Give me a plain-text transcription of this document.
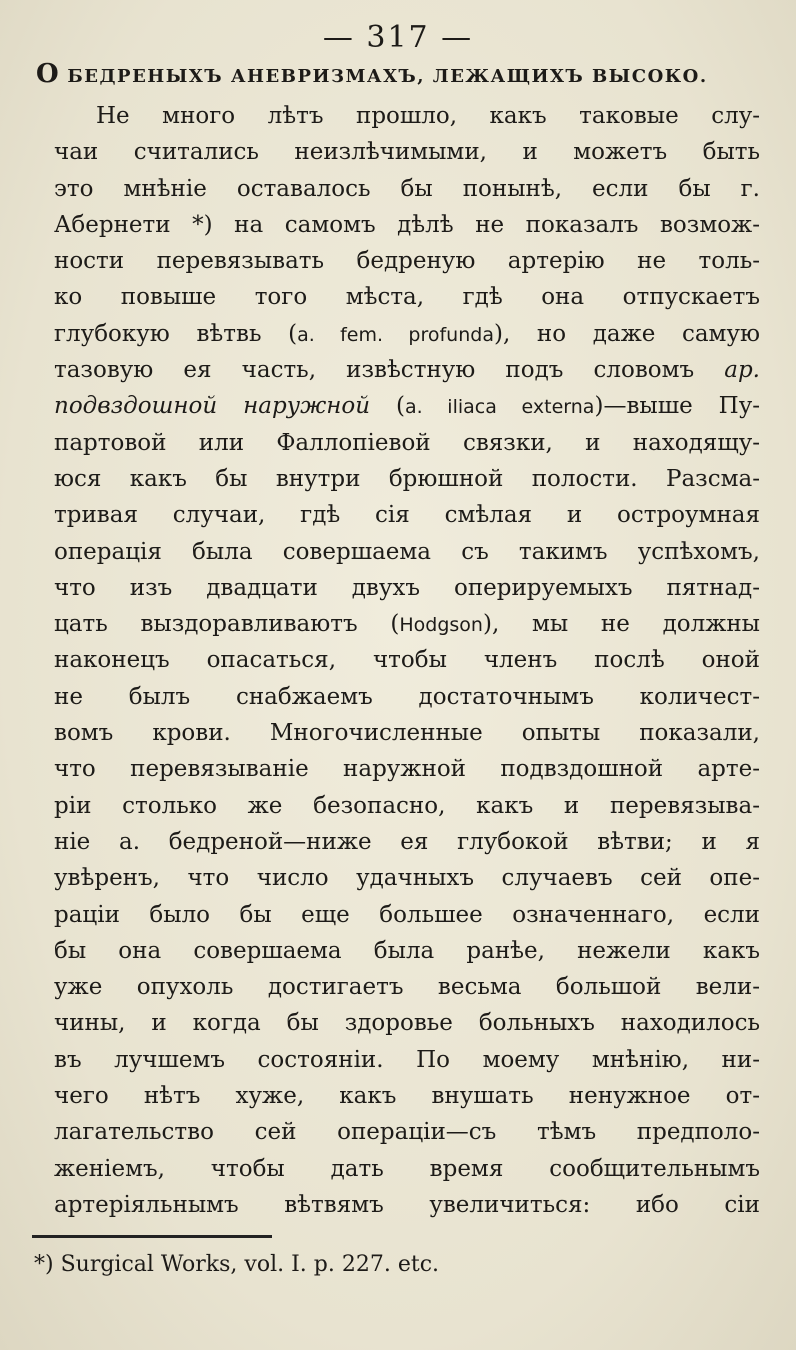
— 317 —
О БЕДРЕНЫХЪ АНЕВРИЗМАХЪ, ЛЕЖАЩИХЪ ВЫСОКО.
Не много лѣтъ прошло, какъ таковые слу-
чаи считались неизлѣчимыми, и можетъ быть
это мнѣніе оставалось бы понынѣ, если бы г.
Абернети *) на самомъ дѣлѣ не показалъ возмож-
ности перевязывать бедреную артерію не толь-
ко повыше того мѣста, гдѣ она отпускаетъ
глубокую вѣтвь (a. fem. profunda), но даже самую
тазовую ея часть, извѣстную подъ словомъ ар.
подвздошной наружной (a. iliaca externa)—выше Пу-
партовой или Фаллопіевой связки, и находящу-
юся какъ бы внутри брюшной полости. Разсма-
тривая случаи, гдѣ сія смѣлая и остроумная
операція была совершаема съ такимъ успѣхомъ,
что изъ двадцати двухъ оперируемыхъ пятнад-
цать выздоравливаютъ (Hodgson), мы не должны
наконецъ опасаться, чтобы членъ послѣ оной
не былъ снабжаемъ достаточнымъ количест-
вомъ крови. Многочисленные опыты показали,
что перевязываніе наружной подвздошной арте-
ріи столько же безопасно, какъ и перевязыва-
ніе а. бедреной—ниже ея глубокой вѣтви; и я
увѣренъ, что число удачныхъ случаевъ сей опе-
раціи было бы еще большее означеннаго, если
бы она совершаема была ранѣе, нежели какъ
уже опухоль достигаетъ весьма большой вели-
чины, и когда бы здоровье больныхъ находилось
въ лучшемъ состояніи. По моему мнѣнію, ни-
чего нѣтъ хуже, какъ внушать ненужное от-
лагательство сей операціи—съ тѣмъ предполо-
женіемъ, чтобы дать время сообщительнымъ
артеріяльнымъ вѣтвямъ увеличиться: ибо сіи
*) Surgical Works, vol. I. p. 227. etc.
